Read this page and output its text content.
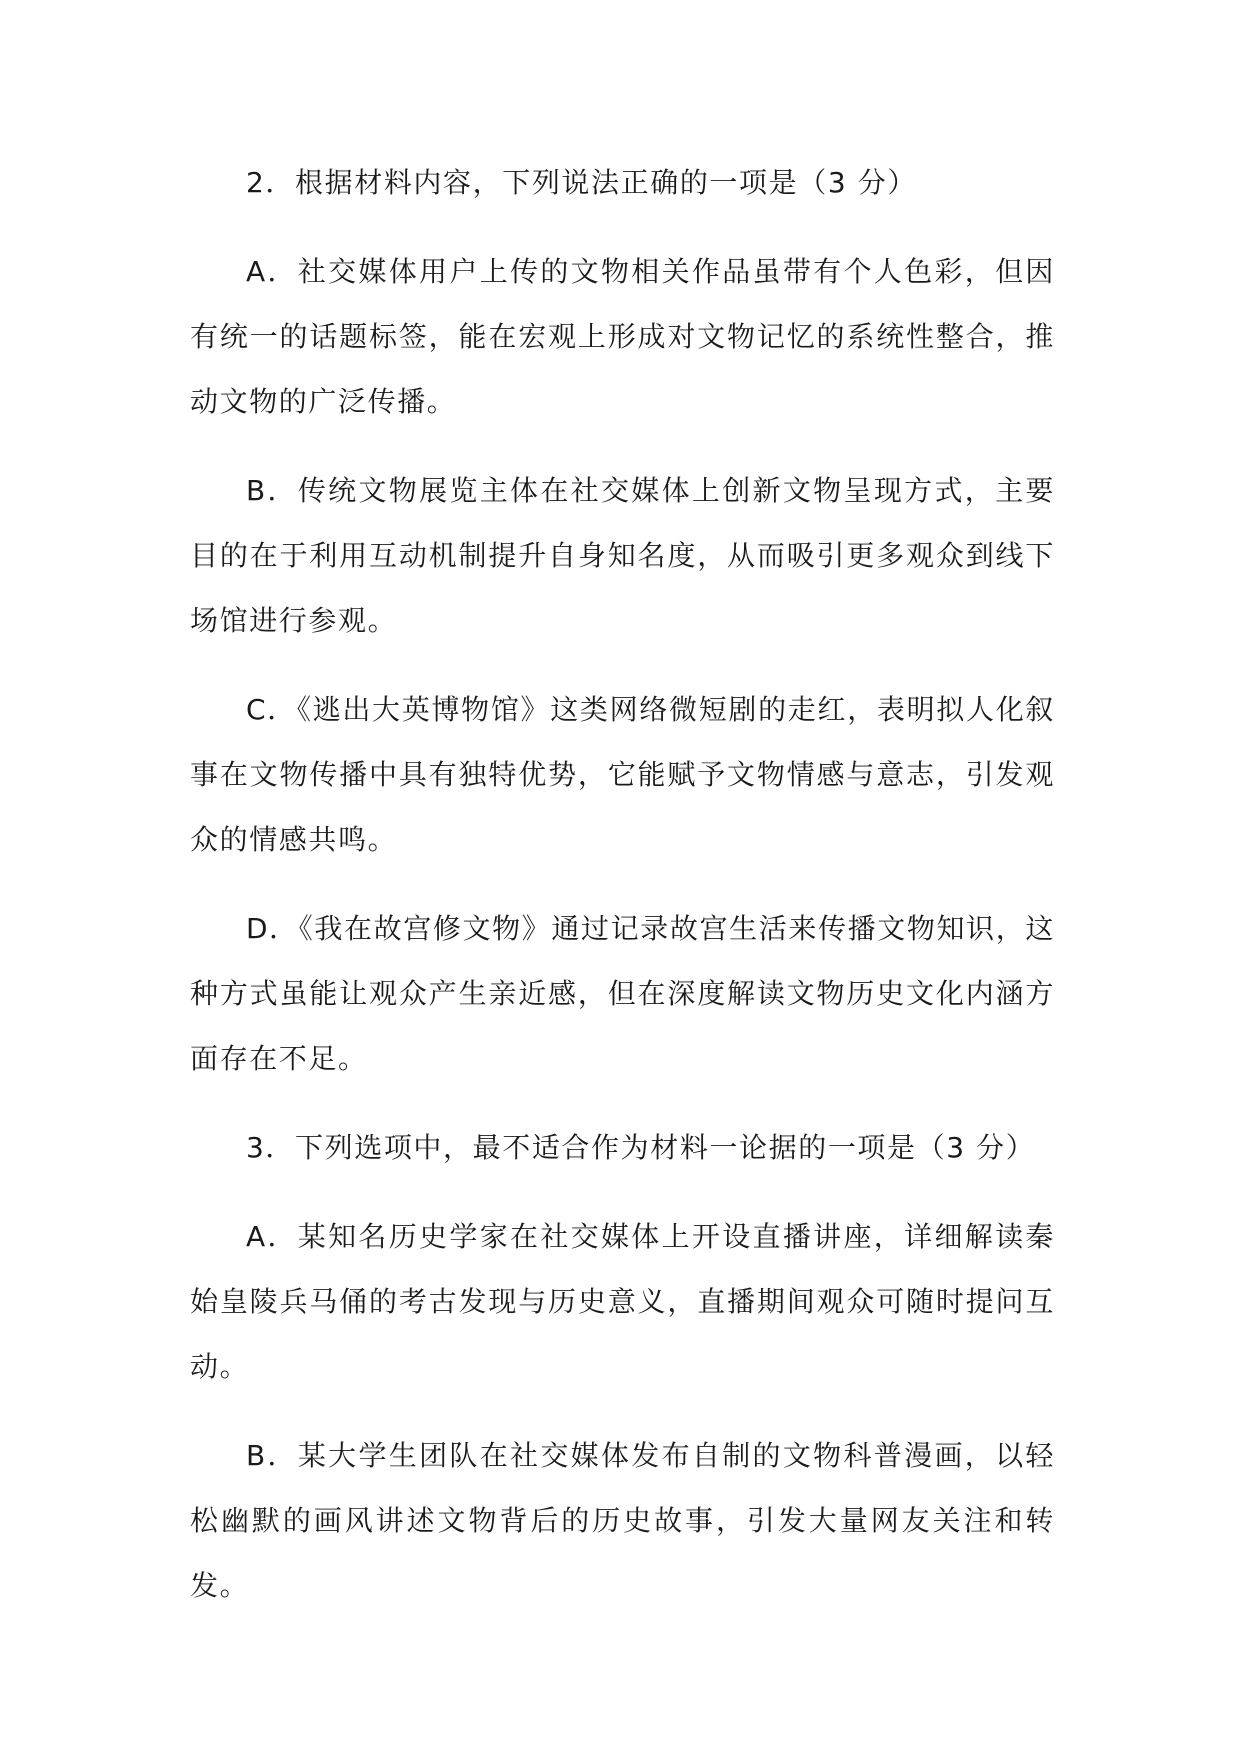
2．根据材料内容，下列说法正确的一项是（3 分）

A．社交媒体用户上传的文物相关作品虽带有个人色彩，但因有统一的话题标签，能在宏观上形成对文物记忆的系统性整合，推动文物的广泛传播。

B．传统文物展览主体在社交媒体上创新文物呈现方式，主要目的在于利用互动机制提升自身知名度，从而吸引更多观众到线下场馆进行参观。

C．《逃出大英博物馆》这类网络微短剧的走红，表明拟人化叙事在文物传播中具有独特优势，它能赋予文物情感与意志，引发观众的情感共鸣。

D．《我在故宫修文物》通过记录故宫生活来传播文物知识，这种方式虽能让观众产生亲近感，但在深度解读文物历史文化内涵方面存在不足。

3．下列选项中，最不适合作为材料一论据的一项是（3 分）

A．某知名历史学家在社交媒体上开设直播讲座，详细解读秦始皇陵兵马俑的考古发现与历史意义，直播期间观众可随时提问互动。

B．某大学生团队在社交媒体发布自制的文物科普漫画，以轻松幽默的画风讲述文物背后的历史故事，引发大量网友关注和转发。
